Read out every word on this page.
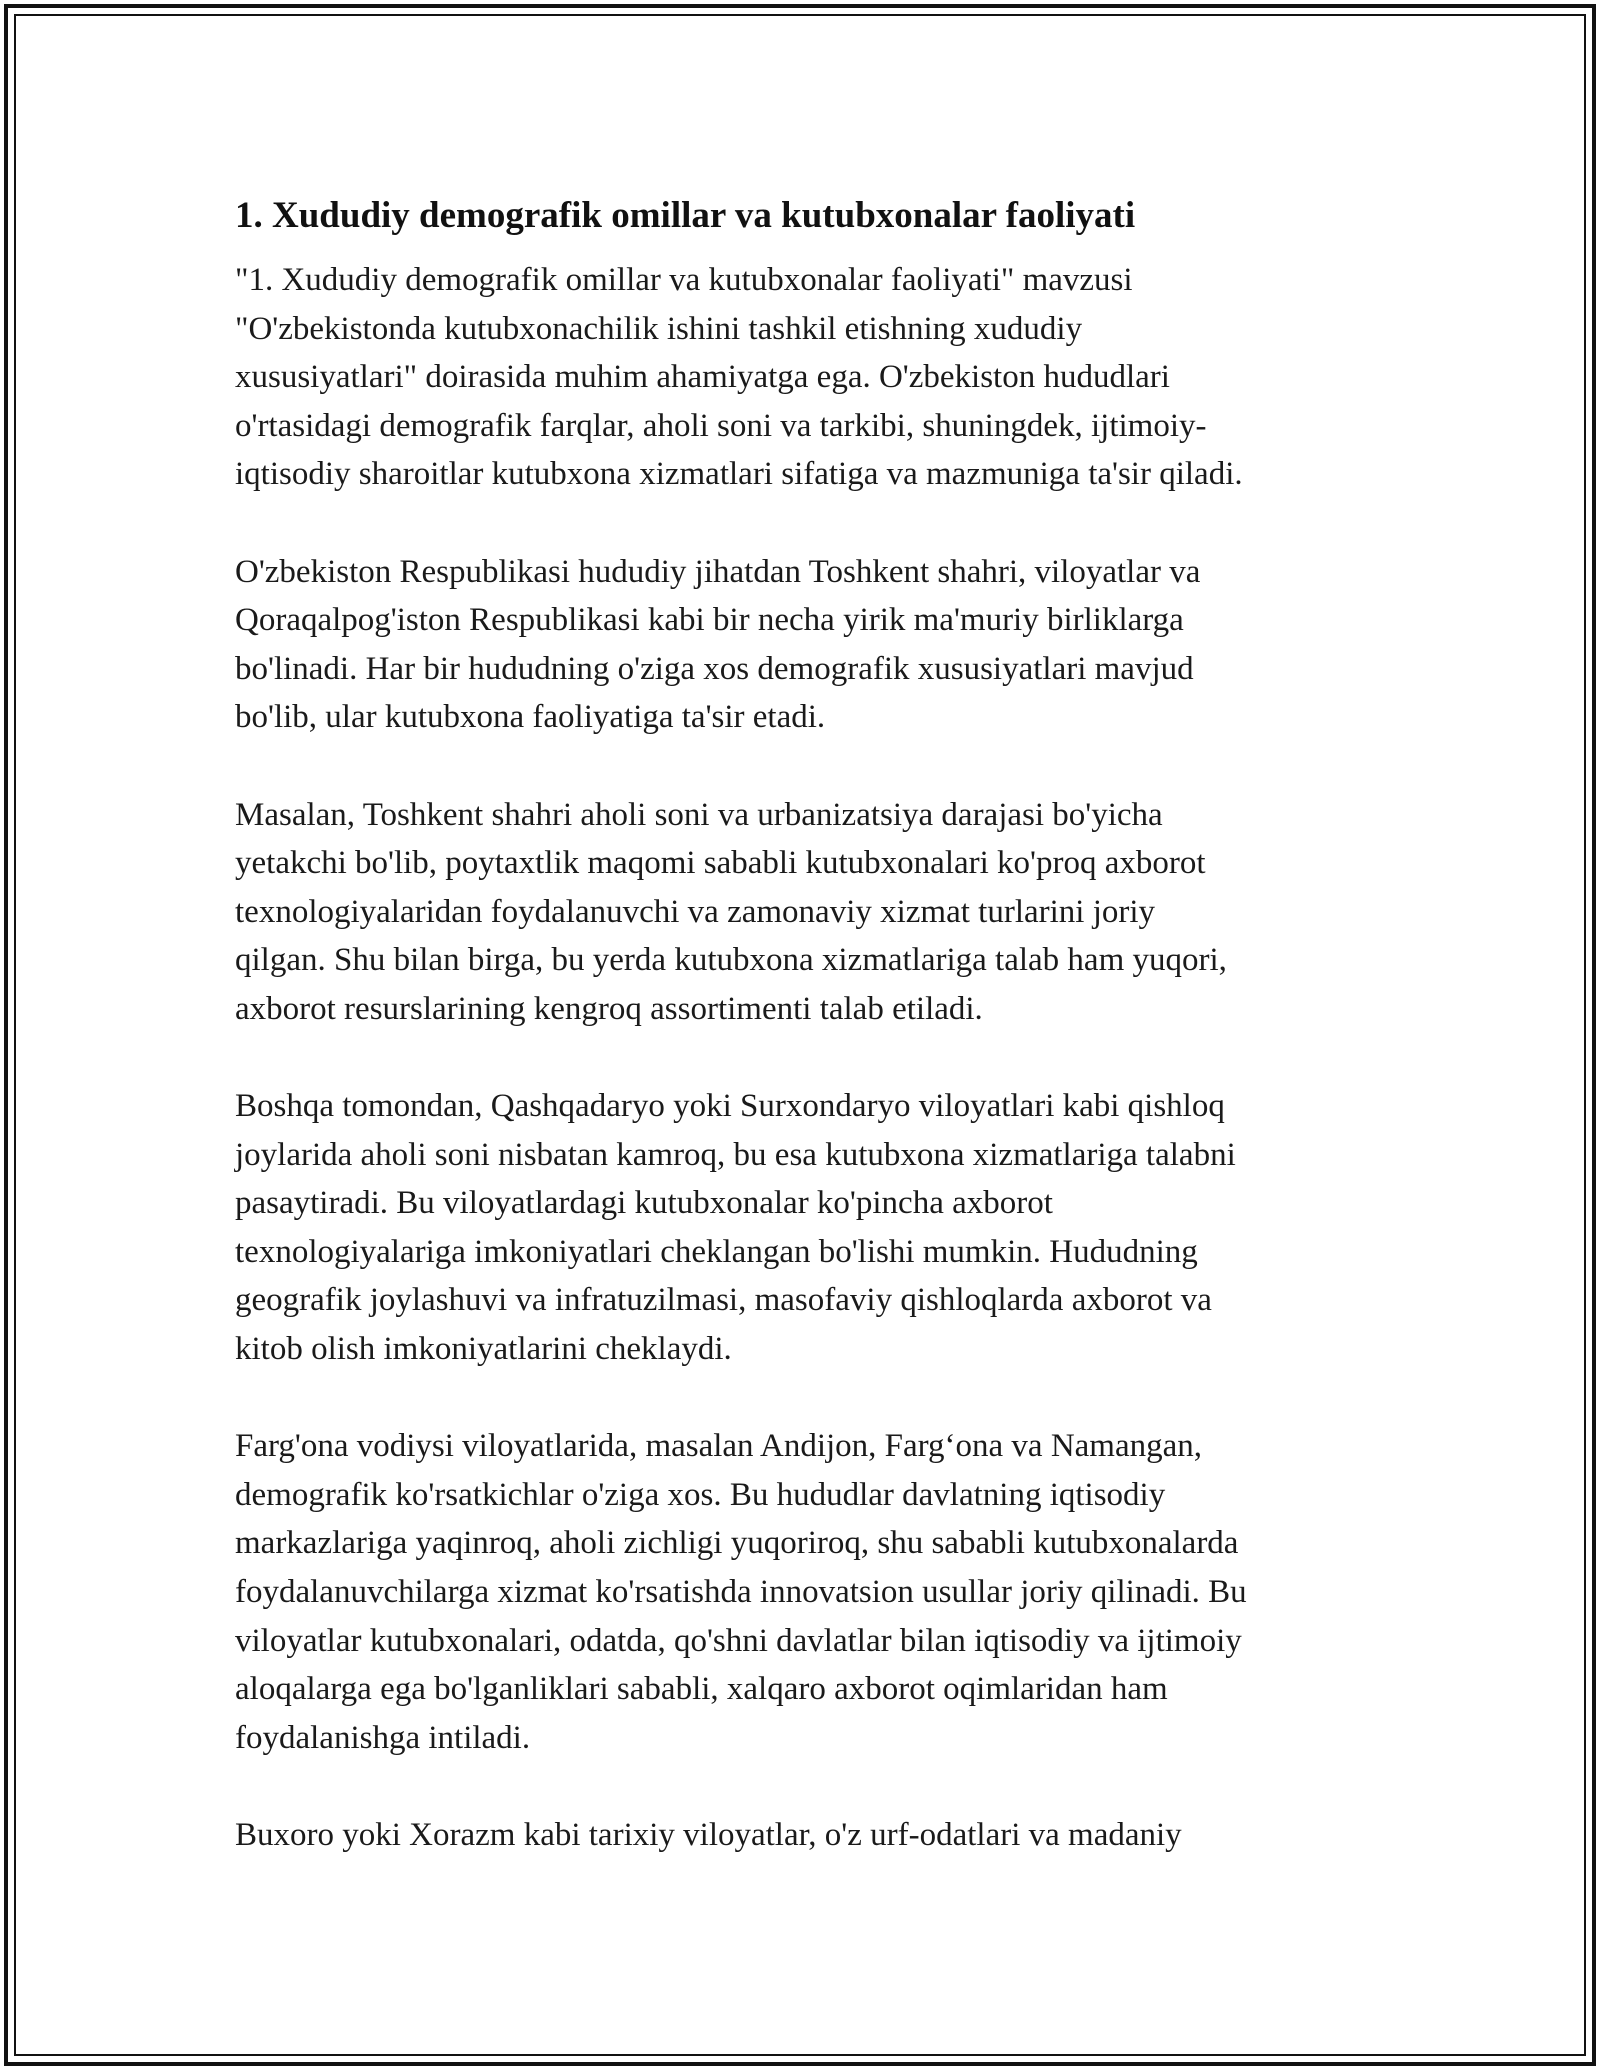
1. Xududiy demografik omillar va kutubxonalar faoliyati

"1. Xududiy demografik omillar va kutubxonalar faoliyati" mavzusi
"O'zbekistonda kutubxonachilik ishini tashkil etishning xududiy
xususiyatlari" doirasida muhim ahamiyatga ega. O'zbekiston hududlari
o'rtasidagi demografik farqlar, aholi soni va tarkibi, shuningdek, ijtimoiy-
iqtisodiy sharoitlar kutubxona xizmatlari sifatiga va mazmuniga ta'sir qiladi.

O'zbekiston Respublikasi hududiy jihatdan Toshkent shahri, viloyatlar va
Qoraqalpog'iston Respublikasi kabi bir necha yirik ma'muriy birliklarga
bo'linadi. Har bir hududning o'ziga xos demografik xususiyatlari mavjud
bo'lib, ular kutubxona faoliyatiga ta'sir etadi.

Masalan, Toshkent shahri aholi soni va urbanizatsiya darajasi bo'yicha
yetakchi bo'lib, poytaxtlik maqomi sababli kutubxonalari ko'proq axborot
texnologiyalaridan foydalanuvchi va zamonaviy xizmat turlarini joriy
qilgan. Shu bilan birga, bu yerda kutubxona xizmatlariga talab ham yuqori,
axborot resurslarining kengroq assortimenti talab etiladi.

Boshqa tomondan, Qashqadaryo yoki Surxondaryo viloyatlari kabi qishloq
joylarida aholi soni nisbatan kamroq, bu esa kutubxona xizmatlariga talabni
pasaytiradi. Bu viloyatlardagi kutubxonalar ko'pincha axborot
texnologiyalariga imkoniyatlari cheklangan bo'lishi mumkin. Hududning
geografik joylashuvi va infratuzilmasi, masofaviy qishloqlarda axborot va
kitob olish imkoniyatlarini cheklaydi.

Farg'ona vodiysi viloyatlarida, masalan Andijon, Farg‘ona va Namangan,
demografik ko'rsatkichlar o'ziga xos. Bu hududlar davlatning iqtisodiy
markazlariga yaqinroq, aholi zichligi yuqoriroq, shu sababli kutubxonalarda
foydalanuvchilarga xizmat ko'rsatishda innovatsion usullar joriy qilinadi. Bu
viloyatlar kutubxonalari, odatda, qo'shni davlatlar bilan iqtisodiy va ijtimoiy
aloqalarga ega bo'lganliklari sababli, xalqaro axborot oqimlaridan ham
foydalanishga intiladi.

Buxoro yoki Xorazm kabi tarixiy viloyatlar, o'z urf-odatlari va madaniy
